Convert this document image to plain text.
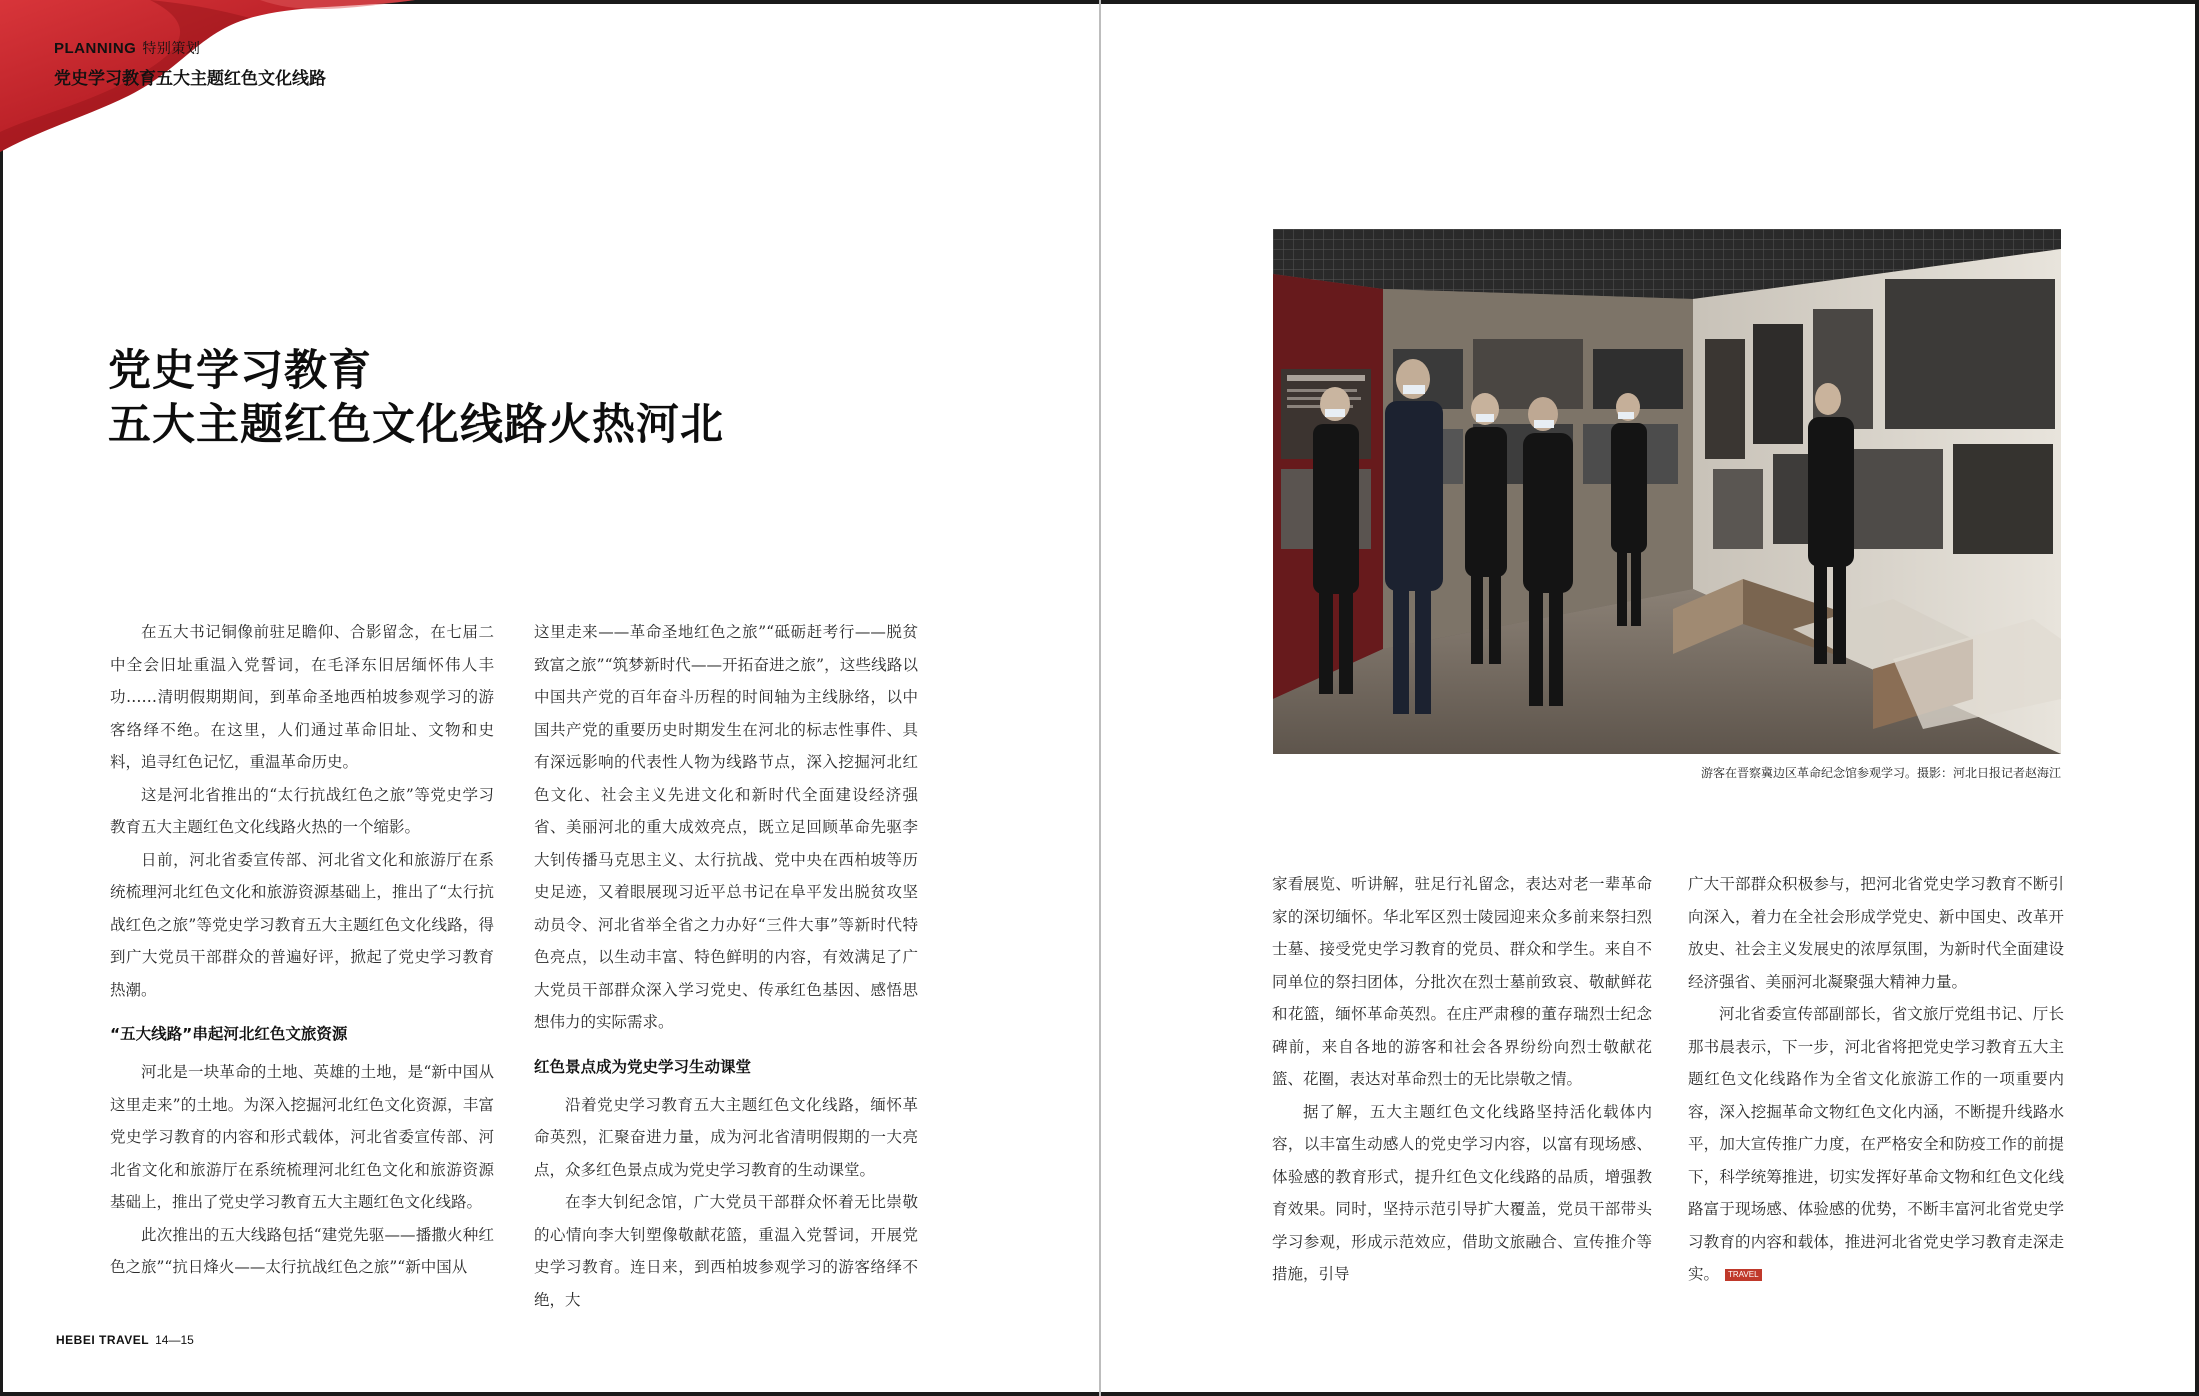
PLANNING 特别策划
党史学习教育五大主题红色文化线路
党史学习教育
五大主题红色文化线路火热河北

在五大书记铜像前驻足瞻仰、合影留念，在七届二中全会旧址重温入党誓词，在毛泽东旧居缅怀伟人丰功……清明假期期间，到革命圣地西柏坡参观学习的游客络绎不绝。在这里，人们通过革命旧址、文物和史料，追寻红色记忆，重温革命历史。

这是河北省推出的“太行抗战红色之旅”等党史学习教育五大主题红色文化线路火热的一个缩影。

日前，河北省委宣传部、河北省文化和旅游厅在系统梳理河北红色文化和旅游资源基础上，推出了“太行抗战红色之旅”等党史学习教育五大主题红色文化线路，得到广大党员干部群众的普遍好评，掀起了党史学习教育热潮。

“五大线路”串起河北红色文旅资源

河北是一块革命的土地、英雄的土地，是“新中国从这里走来”的土地。为深入挖掘河北红色文化资源，丰富党史学习教育的内容和形式载体，河北省委宣传部、河北省文化和旅游厅在系统梳理河北红色文化和旅游资源基础上，推出了党史学习教育五大主题红色文化线路。

此次推出的五大线路包括“建党先驱——播撒火种红色之旅”“抗日烽火——太行抗战红色之旅”“新中国从

这里走来——革命圣地红色之旅”“砥砺赶考行——脱贫致富之旅”“筑梦新时代——开拓奋进之旅”，这些线路以中国共产党的百年奋斗历程的时间轴为主线脉络，以中国共产党的重要历史时期发生在河北的标志性事件、具有深远影响的代表性人物为线路节点，深入挖掘河北红色文化、社会主义先进文化和新时代全面建设经济强省、美丽河北的重大成效亮点，既立足回顾革命先驱李大钊传播马克思主义、太行抗战、党中央在西柏坡等历史足迹，又着眼展现习近平总书记在阜平发出脱贫攻坚动员令、河北省举全省之力办好“三件大事”等新时代特色亮点，以生动丰富、特色鲜明的内容，有效满足了广大党员干部群众深入学习党史、传承红色基因、感悟思想伟力的实际需求。

红色景点成为党史学习生动课堂

沿着党史学习教育五大主题红色文化线路，缅怀革命英烈，汇聚奋进力量，成为河北省清明假期的一大亮点，众多红色景点成为党史学习教育的生动课堂。

在李大钊纪念馆，广大党员干部群众怀着无比崇敬的心情向李大钊塑像敬献花篮，重温入党誓词，开展党史学习教育。连日来，到西柏坡参观学习的游客络绎不绝，大

家看展览、听讲解，驻足行礼留念，表达对老一辈革命家的深切缅怀。华北军区烈士陵园迎来众多前来祭扫烈士墓、接受党史学习教育的党员、群众和学生。来自不同单位的祭扫团体，分批次在烈士墓前致哀、敬献鲜花和花篮，缅怀革命英烈。在庄严肃穆的董存瑞烈士纪念碑前，来自各地的游客和社会各界纷纷向烈士敬献花篮、花圈，表达对革命烈士的无比崇敬之情。

据了解，五大主题红色文化线路坚持活化载体内容，以丰富生动感人的党史学习内容，以富有现场感、体验感的教育形式，提升红色文化线路的品质，增强教育效果。同时，坚持示范引导扩大覆盖，党员干部带头学习参观，形成示范效应，借助文旅融合、宣传推介等措施，引导

广大干部群众积极参与，把河北省党史学习教育不断引向深入，着力在全社会形成学党史、新中国史、改革开放史、社会主义发展史的浓厚氛围，为新时代全面建设经济强省、美丽河北凝聚强大精神力量。

河北省委宣传部副部长，省文旅厅党组书记、厅长那书晨表示，下一步，河北省将把党史学习教育五大主题红色文化线路作为全省文化旅游工作的一项重要内容，深入挖掘革命文物红色文化内涵，不断提升线路水平，加大宣传推广力度，在严格安全和防疫工作的前提下，科学统筹推进，切实发挥好革命文物和红色文化线路富于现场感、体验感的优势，不断丰富河北省党史学习教育的内容和载体，推进河北省党史学习教育走深走实。 TRAVEL

游客在晋察冀边区革命纪念馆参观学习。摄影：河北日报记者赵海江
HEBEI TRAVEL 14—15
